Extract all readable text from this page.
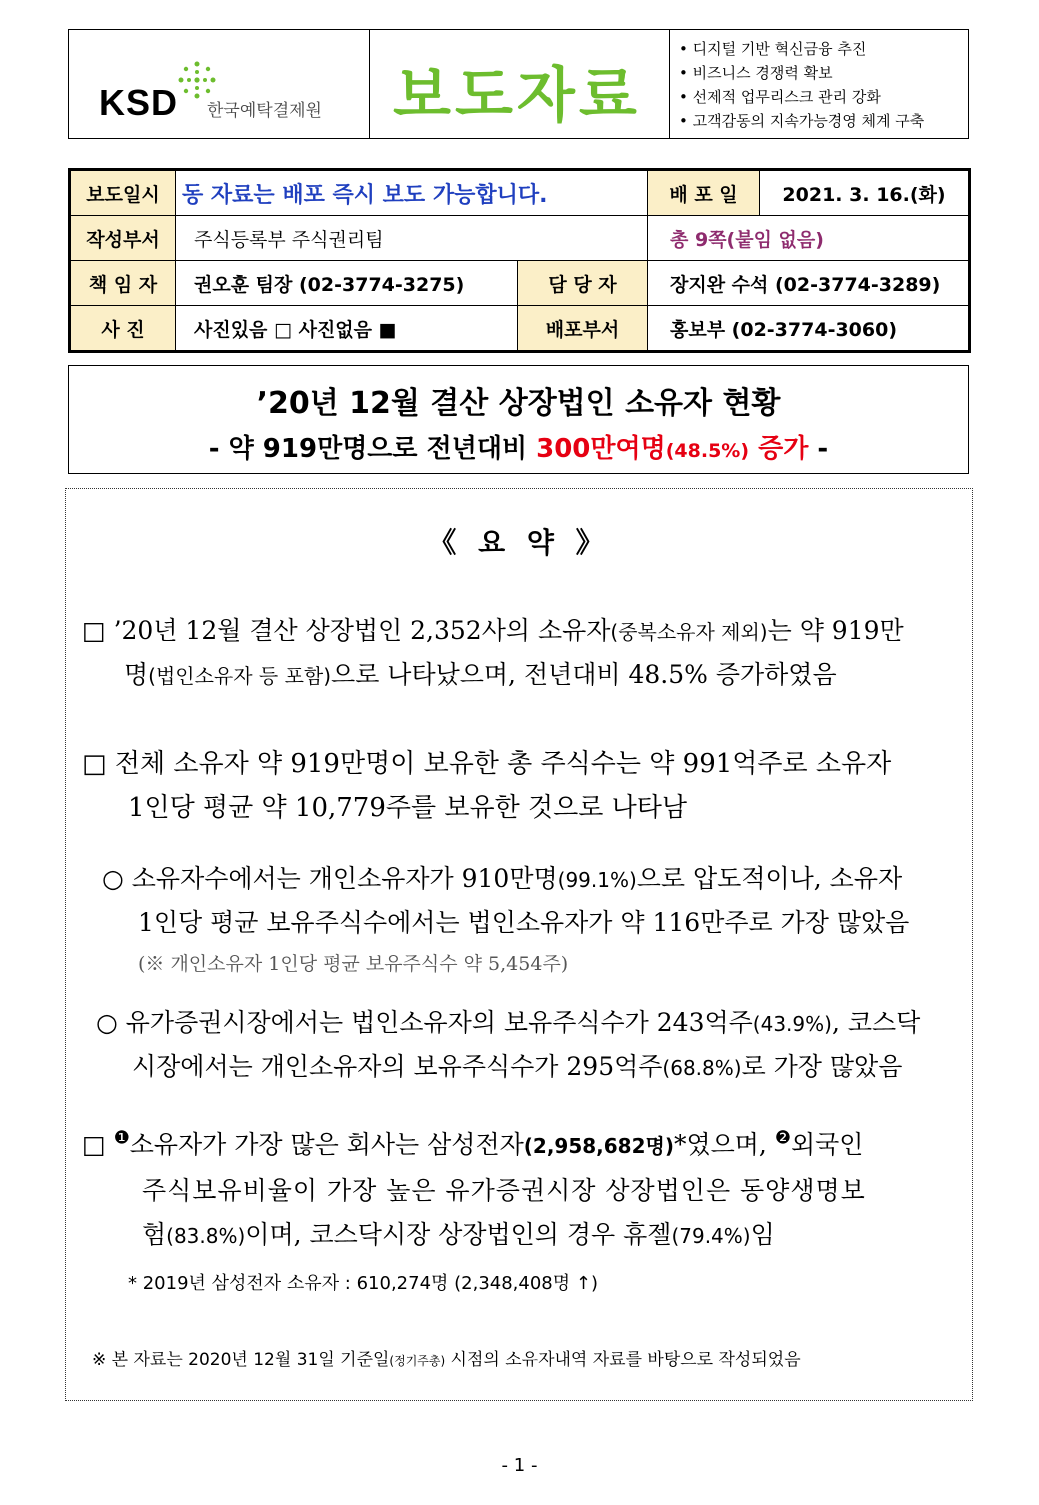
KSD 한국예탁결제원 보도자료
• 디지털 기반 혁신금융 추진
• 비즈니스 경쟁력 확보
• 선제적 업무리스크 관리 강화
• 고객감동의 지속가능경영 체계 구축
보도일시	동 자료는 배포 즉시 보도 가능합니다.		배 포 일	2021. 3. 16.(화)
작성부서	주식등록부 주식권리팀		총 9쪽(붙임 없음)	
책 임 자	권오훈 팀장 (02-3774-3275)	담 당 자	장지완 수석 (02-3774-3289)	
사 진	사진있음 □ 사진없음 ■	배포부서	홍보부 (02-3774-3060)	
’20년 12월 결산 상장법인 소유자 현황
- 약 919만명으로 전년대비 300만여명(48.5%) 증가 -
《 요 약 》
□ ’20년 12월 결산 상장법인 2,352사의 소유자(중복소유자 제외)는 약 919만
명(법인소유자 등 포함)으로 나타났으며, 전년대비 48.5% 증가하였음
□ 전체 소유자 약 919만명이 보유한 총 주식수는 약 991억주로 소유자
1인당 평균 약 10,779주를 보유한 것으로 나타남
○ 소유자수에서는 개인소유자가 910만명(99.1%)으로 압도적이나, 소유자
1인당 평균 보유주식수에서는 법인소유자가 약 116만주로 가장 많았음
(※ 개인소유자 1인당 평균 보유주식수 약 5,454주)
○ 유가증권시장에서는 법인소유자의 보유주식수가 243억주(43.9%), 코스닥
시장에서는 개인소유자의 보유주식수가 295억주(68.8%)로 가장 많았음
□ $^❶$소유자가 가장 많은 회사는 삼성전자(2,958,682명)*였으며, $^❷$외국인
주식보유비율이 가장 높은 유가증권시장 상장법인은 동양생명보
험(83.8%)이며, 코스닥시장 상장법인의 경우 휴젤(79.4%)임
* 2019년 삼성전자 소유자 : 610,274명 (2,348,408명 ↑)
※ 본 자료는 2020년 12월 31일 기준일(정기주총) 시점의 소유자내역 자료를 바탕으로 작성되었음
- 1 -
